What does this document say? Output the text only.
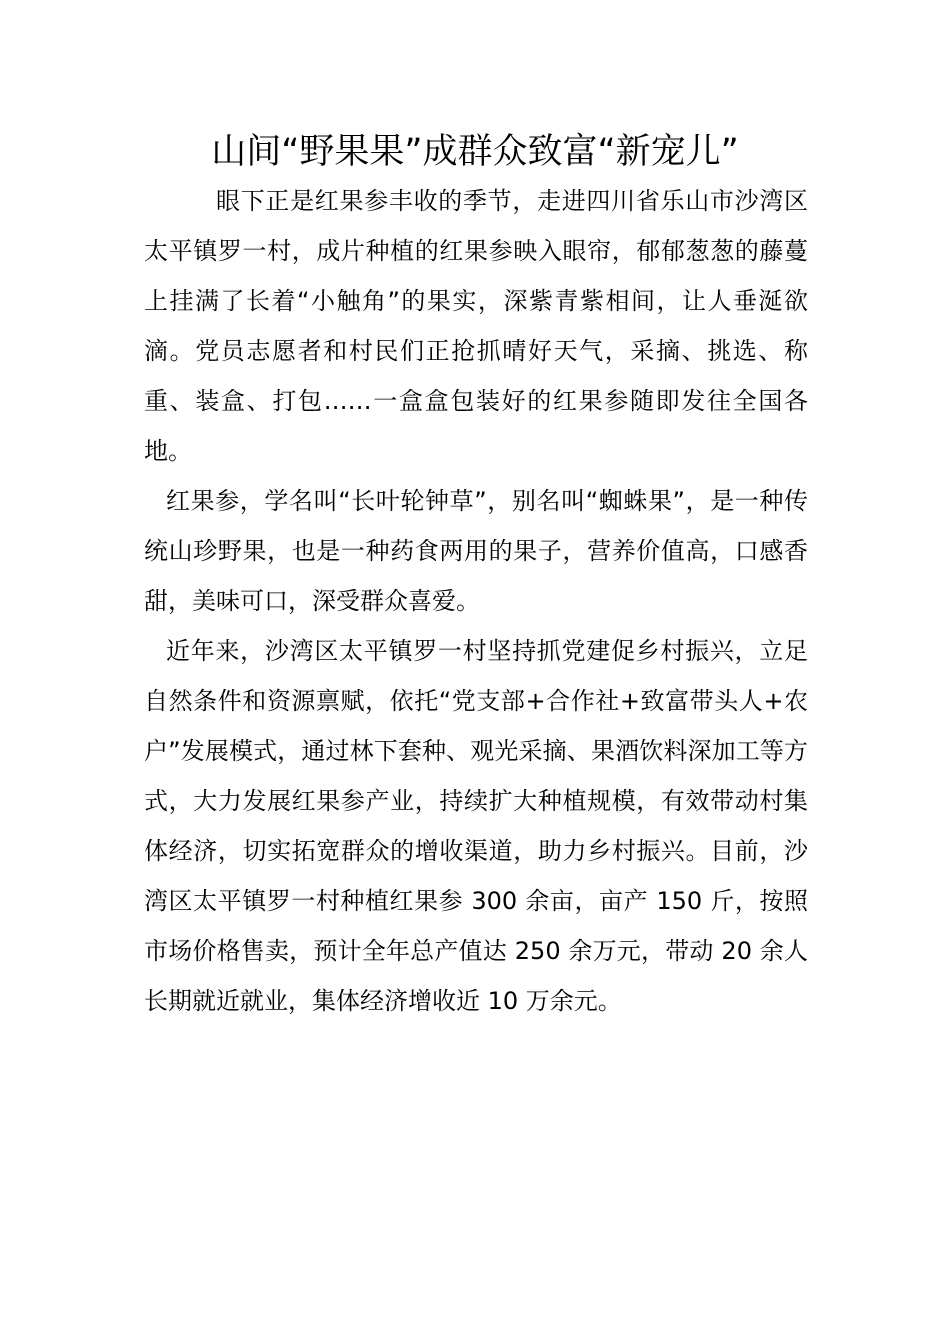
山间“野果果”成群众致富“新宠儿”

眼下正是红果参丰收的季节，走进四川省乐山市沙湾区太平镇罗一村，成片种植的红果参映入眼帘，郁郁葱葱的藤蔓上挂满了长着“小触角”的果实，深紫青紫相间，让人垂涎欲滴。党员志愿者和村民们正抢抓晴好天气，采摘、挑选、称重、装盒、打包……一盒盒包装好的红果参随即发往全国各地。

红果参，学名叫“长叶轮钟草”，别名叫“蜘蛛果”，是一种传统山珍野果，也是一种药食两用的果子，营养价值高，口感香甜，美味可口，深受群众喜爱。

近年来，沙湾区太平镇罗一村坚持抓党建促乡村振兴，立足自然条件和资源禀赋，依托“党支部+合作社+致富带头人+农户”发展模式，通过林下套种、观光采摘、果酒饮料深加工等方式，大力发展红果参产业，持续扩大种植规模，有效带动村集体经济，切实拓宽群众的增收渠道，助力乡村振兴。目前，沙湾区太平镇罗一村种植红果参 300 余亩，亩产 150 斤，按照市场价格售卖，预计全年总产值达 250 余万元，带动 20 余人长期就近就业，集体经济增收近 10 万余元。
